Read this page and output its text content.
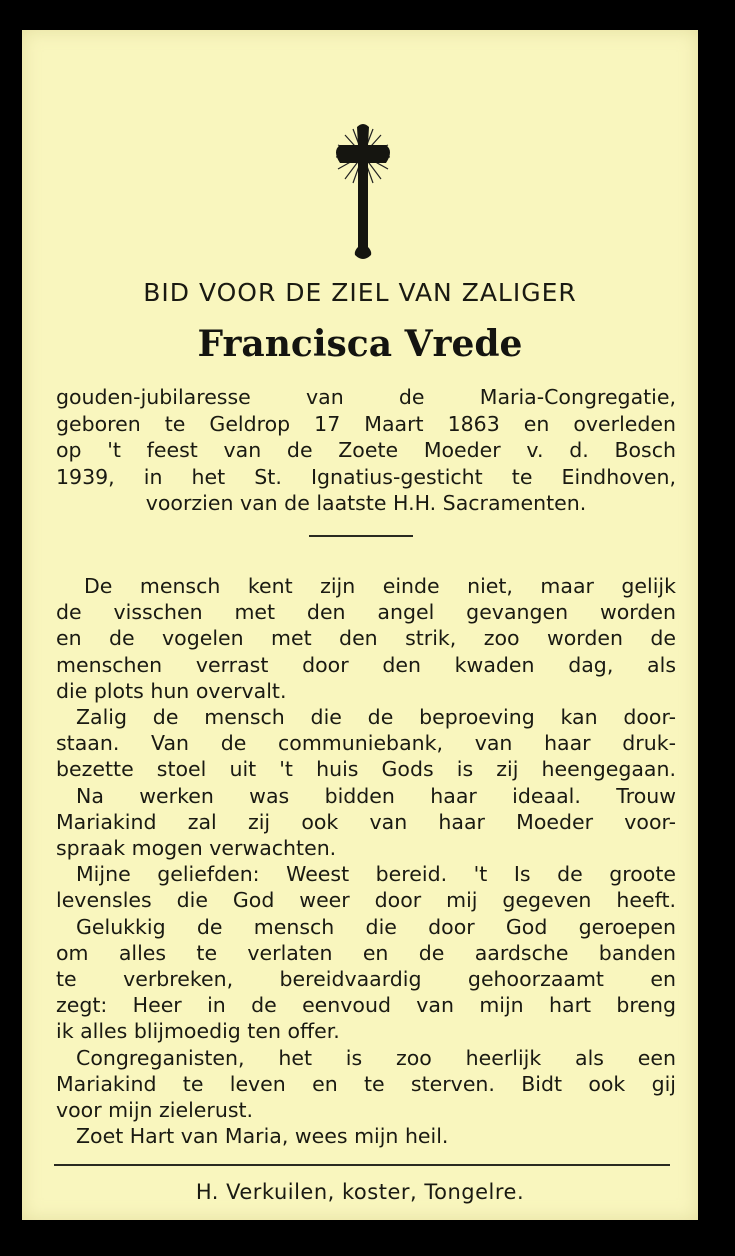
BID VOOR DE ZIEL VAN ZALIGER
Francisca Vrede
gouden-jubilaresse van de Maria-Congregatie,
geboren te Geldrop 17 Maart 1863 en overleden
op 't feest van de Zoete Moeder v. d. Bosch
1939, in het St. Ignatius-gesticht te Eindhoven,
voorzien van de laatste H.H. Sacramenten.
De mensch kent zijn einde niet, maar gelijk
de visschen met den angel gevangen worden
en de vogelen met den strik, zoo worden de
menschen verrast door den kwaden dag, als
die plots hun overvalt.
Zalig de mensch die de beproeving kan door-
staan. Van de communiebank, van haar druk-
bezette stoel uit 't huis Gods is zij heengegaan.
Na werken was bidden haar ideaal. Trouw
Mariakind zal zij ook van haar Moeder voor-
spraak mogen verwachten.
Mijne geliefden: Weest bereid. 't Is de groote
levensles die God weer door mij gegeven heeft.
Gelukkig de mensch die door God geroepen
om alles te verlaten en de aardsche banden
te verbreken, bereidvaardig gehoorzaamt en
zegt: Heer in de eenvoud van mijn hart breng
ik alles blijmoedig ten offer.
Congreganisten, het is zoo heerlijk als een
Mariakind te leven en te sterven. Bidt ook gij
voor mijn zielerust.
Zoet Hart van Maria, wees mijn heil.
H. Verkuilen, koster, Tongelre.
